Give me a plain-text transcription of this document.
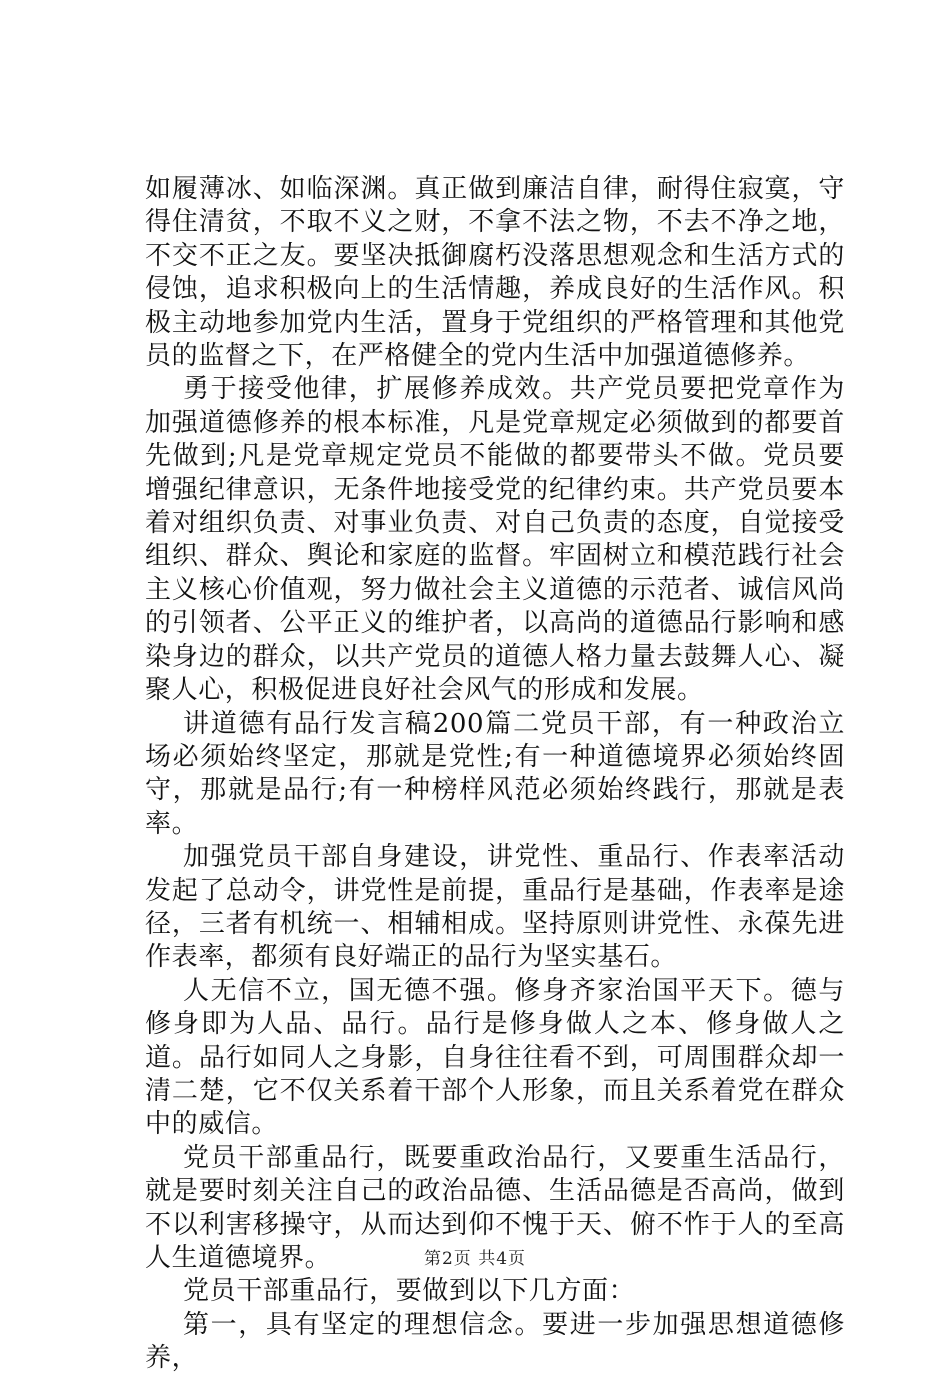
如履薄冰、如临深渊。真正做到廉洁自律，耐得住寂寞，守得住清贫，不取不义之财，不拿不法之物，不去不净之地，不交不正之友。要坚决抵御腐朽没落思想观念和生活方式的侵蚀，追求积极向上的生活情趣，养成良好的生活作风。积极主动地参加党内生活，置身于党组织的严格管理和其他党员的监督之下，在严格健全的党内生活中加强道德修养。

勇于接受他律，扩展修养成效。共产党员要把党章作为加强道德修养的根本标准，凡是党章规定必须做到的都要首先做到;凡是党章规定党员不能做的都要带头不做。党员要增强纪律意识，无条件地接受党的纪律约束。共产党员要本着对组织负责、对事业负责、对自己负责的态度，自觉接受组织、群众、舆论和家庭的监督。牢固树立和模范践行社会主义核心价值观，努力做社会主义道德的示范者、诚信风尚的引领者、公平正义的维护者，以高尚的道德品行影响和感染身边的群众，以共产党员的道德人格力量去鼓舞人心、凝聚人心，积极促进良好社会风气的形成和发展。

讲道德有品行发言稿200篇二党员干部，有一种政治立场必须始终坚定，那就是党性;有一种道德境界必须始终固守，那就是品行;有一种榜样风范必须始终践行，那就是表率。

加强党员干部自身建设，讲党性、重品行、作表率活动发起了总动令，讲党性是前提，重品行是基础，作表率是途径，三者有机统一、相辅相成。坚持原则讲党性、永葆先进作表率，都须有良好端正的品行为坚实基石。

人无信不立，国无德不强。修身齐家治国平天下。德与修身即为人品、品行。品行是修身做人之本、修身做人之道。品行如同人之身影，自身往往看不到，可周围群众却一清二楚，它不仅关系着干部个人形象，而且关系着党在群众中的威信。

党员干部重品行，既要重政治品行，又要重生活品行，就是要时刻关注自己的政治品德、生活品德是否高尚，做到不以利害移操守，从而达到仰不愧于天、俯不怍于人的至高人生道德境界。

党员干部重品行，要做到以下几方面：

第一，具有坚定的理想信念。要进一步加强思想道德修养，

第2页 共4页
